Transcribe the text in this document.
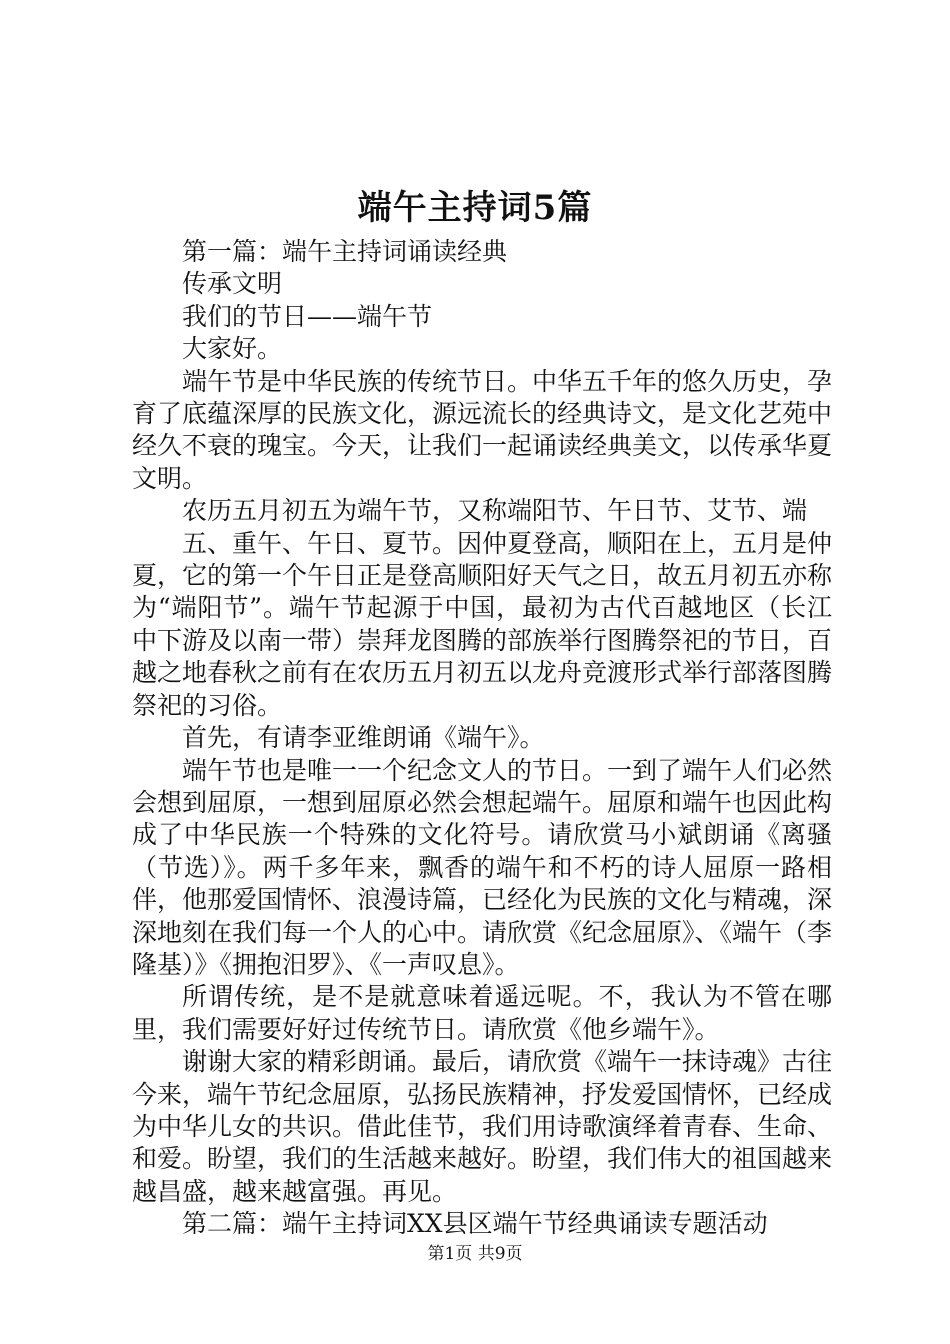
端午主持词5篇

第一篇：端午主持词诵读经典

传承文明

我们的节日——端午节

大家好。

端午节是中华民族的传统节日。中华五千年的悠久历史，孕育了底蕴深厚的民族文化，源远流长的经典诗文，是文化艺苑中经久不衰的瑰宝。今天，让我们一起诵读经典美文，以传承华夏文明。

农历五月初五为端午节，又称端阳节、午日节、艾节、端

五、重午、午日、夏节。因仲夏登高，顺阳在上，五月是仲夏，它的第一个午日正是登高顺阳好天气之日，故五月初五亦称为“端阳节”。端午节起源于中国，最初为古代百越地区（长江中下游及以南一带）崇拜龙图腾的部族举行图腾祭祀的节日，百越之地春秋之前有在农历五月初五以龙舟竞渡形式举行部落图腾祭祀的习俗。

首先，有请李亚维朗诵《端午》。

端午节也是唯一一个纪念文人的节日。一到了端午人们必然会想到屈原，一想到屈原必然会想起端午。屈原和端午也因此构成了中华民族一个特殊的文化符号。请欣赏马小斌朗诵《离骚（节选）》。两千多年来，飘香的端午和不朽的诗人屈原一路相伴，他那爱国情怀、浪漫诗篇，已经化为民族的文化与精魂，深深地刻在我们每一个人的心中。请欣赏《纪念屈原》、《端午（李隆基）》《拥抱汨罗》、《一声叹息》。

所谓传统，是不是就意味着遥远呢。不，我认为不管在哪里，我们需要好好过传统节日。请欣赏《他乡端午》。

谢谢大家的精彩朗诵。最后，请欣赏《端午一抹诗魂》古往今来，端午节纪念屈原，弘扬民族精神，抒发爱国情怀，已经成为中华儿女的共识。借此佳节，我们用诗歌演绎着青春、生命、和爱。盼望，我们的生活越来越好。盼望，我们伟大的祖国越来越昌盛，越来越富强。再见。

第二篇：端午主持词XX县区端午节经典诵读专题活动

第1页 共9页
